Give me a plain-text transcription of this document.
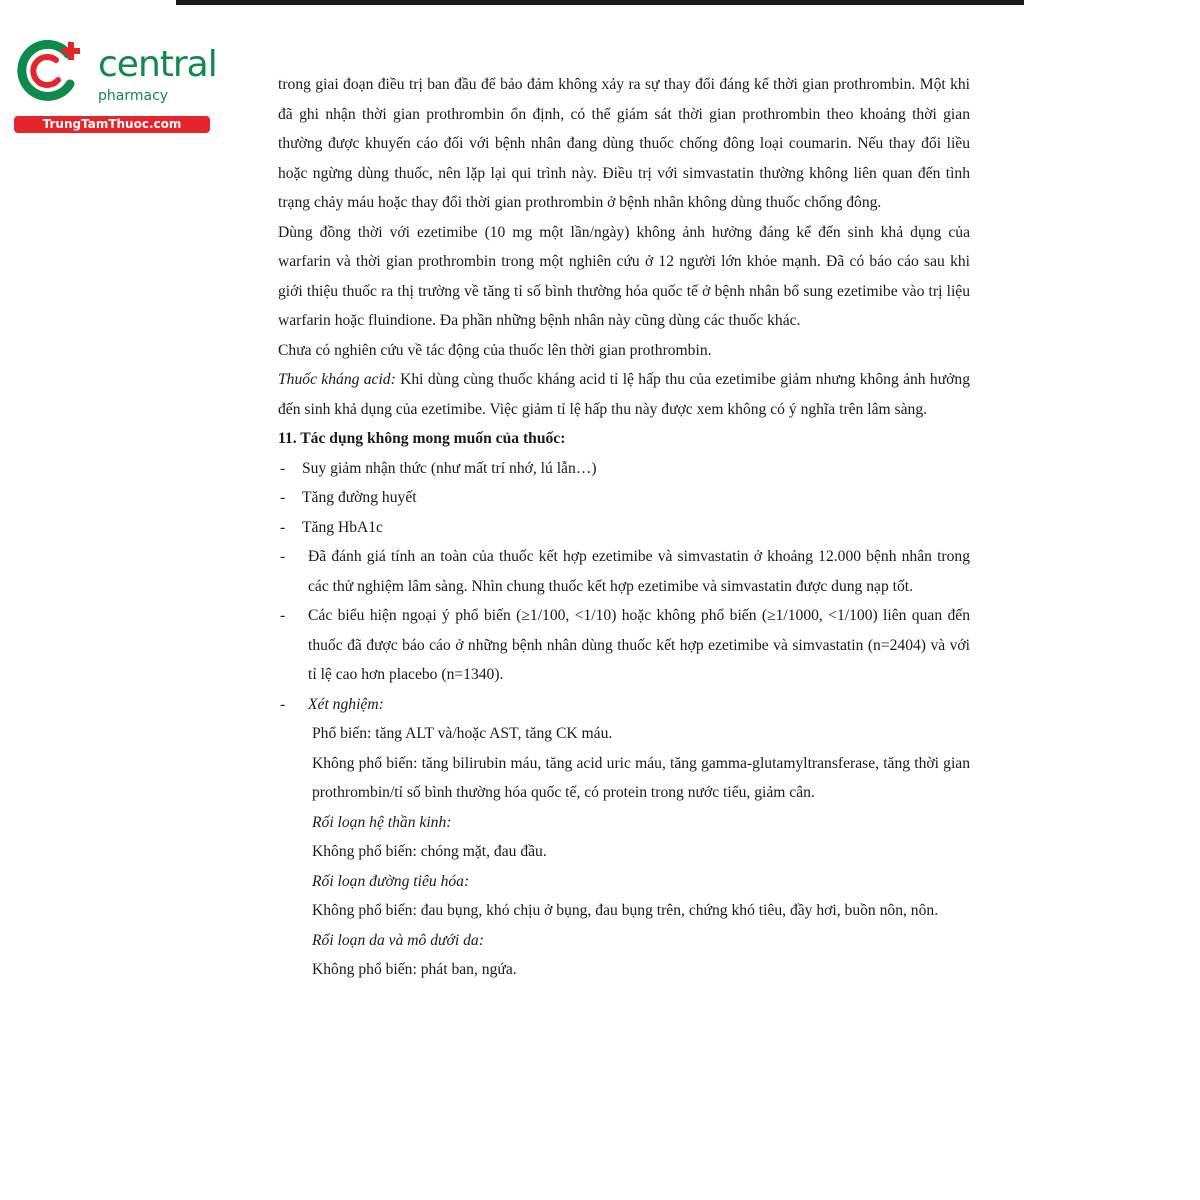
central
pharmacy
TrungTamThuoc.com

trong giai đoạn điều trị ban đầu để bảo đảm không xảy ra sự thay đổi đáng kể thời gian prothrombin. Một khi đã ghi nhận thời gian prothrombin ổn định, có thể giám sát thời gian prothrombin theo khoảng thời gian thường được khuyến cáo đối với bệnh nhân đang dùng thuốc chống đông loại coumarin. Nếu thay đổi liều hoặc ngừng dùng thuốc, nên lặp lại qui trình này. Điều trị với simvastatin thường không liên quan đến tình trạng chảy máu hoặc thay đổi thời gian prothrombin ở bệnh nhân không dùng thuốc chống đông.

Dùng đồng thời với ezetimibe (10 mg một lần/ngày) không ảnh hưởng đáng kể đến sinh khả dụng của warfarin và thời gian prothrombin trong một nghiên cứu ở 12 người lớn khỏe mạnh. Đã có báo cáo sau khi giới thiệu thuốc ra thị trường về tăng tỉ số bình thường hóa quốc tế ở bệnh nhân bổ sung ezetimibe vào trị liệu warfarin hoặc fluindione. Đa phần những bệnh nhân này cũng dùng các thuốc khác.

Chưa có nghiên cứu về tác động của thuốc lên thời gian prothrombin.

Thuốc kháng acid: Khi dùng cùng thuốc kháng acid tỉ lệ hấp thu của ezetimibe giảm nhưng không ảnh hưởng đến sinh khả dụng của ezetimibe. Việc giảm tỉ lệ hấp thu này được xem không có ý nghĩa trên lâm sàng.

11. Tác dụng không mong muốn của thuốc:

- Suy giảm nhận thức (như mất trí nhớ, lú lẫn…)

- Tăng đường huyết

- Tăng HbA1c

- Đã đánh giá tính an toàn của thuốc kết hợp ezetimibe và simvastatin ở khoảng 12.000 bệnh nhân trong các thử nghiệm lâm sàng. Nhìn chung thuốc kết hợp ezetimibe và simvastatin được dung nạp tốt.

- Các biểu hiện ngoại ý phổ biến (≥1/100, <1/10) hoặc không phổ biến (≥1/1000, <1/100) liên quan đến thuốc đã được báo cáo ở những bệnh nhân dùng thuốc kết hợp ezetimibe và simvastatin (n=2404) và với tỉ lệ cao hơn placebo (n=1340).

- Xét nghiệm:

Phổ biến: tăng ALT và/hoặc AST, tăng CK máu.

Không phổ biến: tăng bilirubin máu, tăng acid uric máu, tăng gamma-glutamyltransferase, tăng thời gian prothrombin/tỉ số bình thường hóa quốc tế, có protein trong nước tiểu, giảm cân.

Rối loạn hệ thần kinh:

Không phổ biến: chóng mặt, đau đầu.

Rối loạn đường tiêu hóa:

Không phổ biến: đau bụng, khó chịu ở bụng, đau bụng trên, chứng khó tiêu, đầy hơi, buồn nôn, nôn.

Rối loạn da và mô dưới da:

Không phổ biến: phát ban, ngứa.
